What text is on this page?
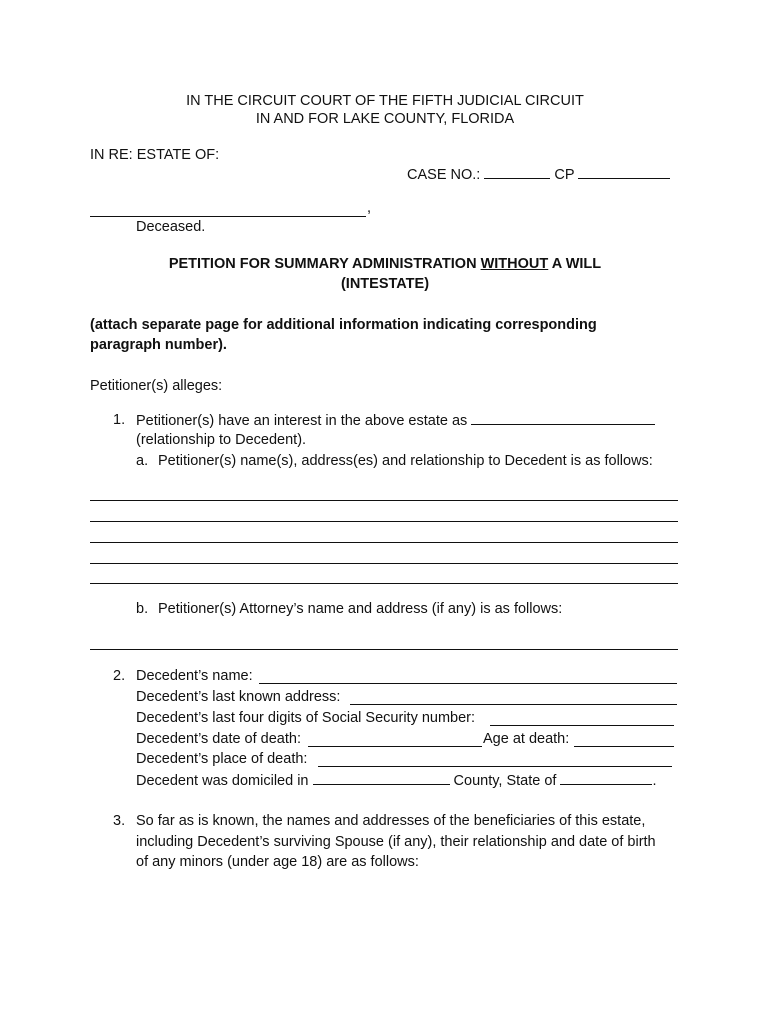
IN THE CIRCUIT COURT OF THE FIFTH JUDICIAL CIRCUIT
IN AND FOR LAKE COUNTY, FLORIDA
IN RE: ESTATE OF:
CASE NO.:	CP
,
Deceased.
PETITION FOR SUMMARY ADMINISTRATION WITHOUT A WILL
(INTESTATE)
(attach separate page for additional information indicating corresponding
paragraph number).
Petitioner(s) alleges:
1. Petitioner(s) have an interest in the above estate as
(relationship to Decedent).
a. Petitioner(s) name(s), address(es) and relationship to Decedent is as follows:
b. Petitioner(s) Attorney’s name and address (if any) is as follows:
2. Decedent’s name:
Decedent’s last known address:
Decedent’s last four digits of Social Security number:
Decedent’s date of death:	Age at death:
Decedent’s place of death:
Decedent was domiciled in	County, State of	.
3. So far as is known, the names and addresses of the beneficiaries of this estate,
including Decedent’s surviving Spouse (if any), their relationship and date of birth
of any minors (under age 18) are as follows:
